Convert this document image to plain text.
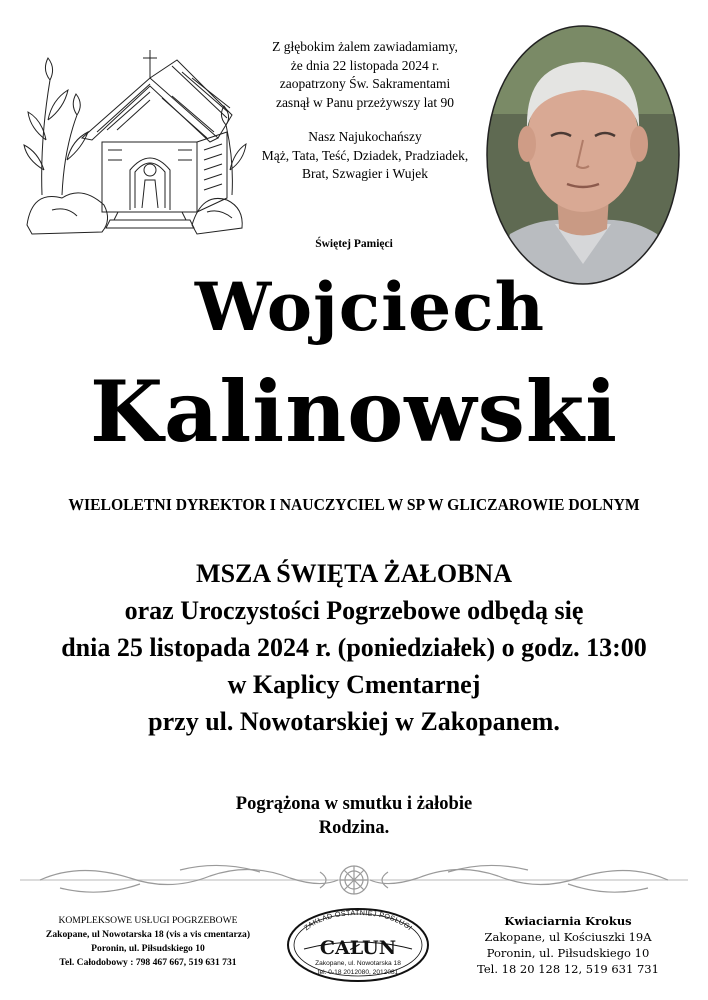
Z głębokim żalem zawiadamiamy,

że dnia 22 listopada 2024 r.

zaopatrzony Św. Sakramentami

zasnął w Panu przeżywszy lat 90

Nasz Najukochańszy

Mąż, Tata, Teść, Dziadek, Pradziadek,

Brat, Szwagier i Wujek

Świętej Pamięci
Wojciech
Kalinowski
WIELOLETNI DYREKTOR I NAUCZYCIEL W SP W GLICZAROWIE DOLNYM

MSZA ŚWIĘTA ŻAŁOBNA

oraz Uroczystości Pogrzebowe odbędą się

dnia 25 listopada 2024 r. (poniedziałek) o godz. 13:00

w Kaplicy Cmentarnej

przy ul. Nowotarskiej w Zakopanem.

Pogrążona w smutku i żałobie

Rodzina.

KOMPLEKSOWE USŁUGI POGRZEBOWE

Zakopane, ul Nowotarska 18 (vis a vis cmentarza)

Poronin, ul. Piłsudskiego 10

Tel. Całodobowy : 798 467 667, 519 631 731

ZAKŁAD OSTATNIEJ POSŁUGI
CAŁUN
Zakopane, ul. Nowotarska 18
tel. 0-18 2012080, 2012081

Kwiaciarnia Krokus

Zakopane, ul Kościuszki 19A

Poronin, ul. Piłsudskiego 10

Tel. 18 20 128 12, 519 631 731
